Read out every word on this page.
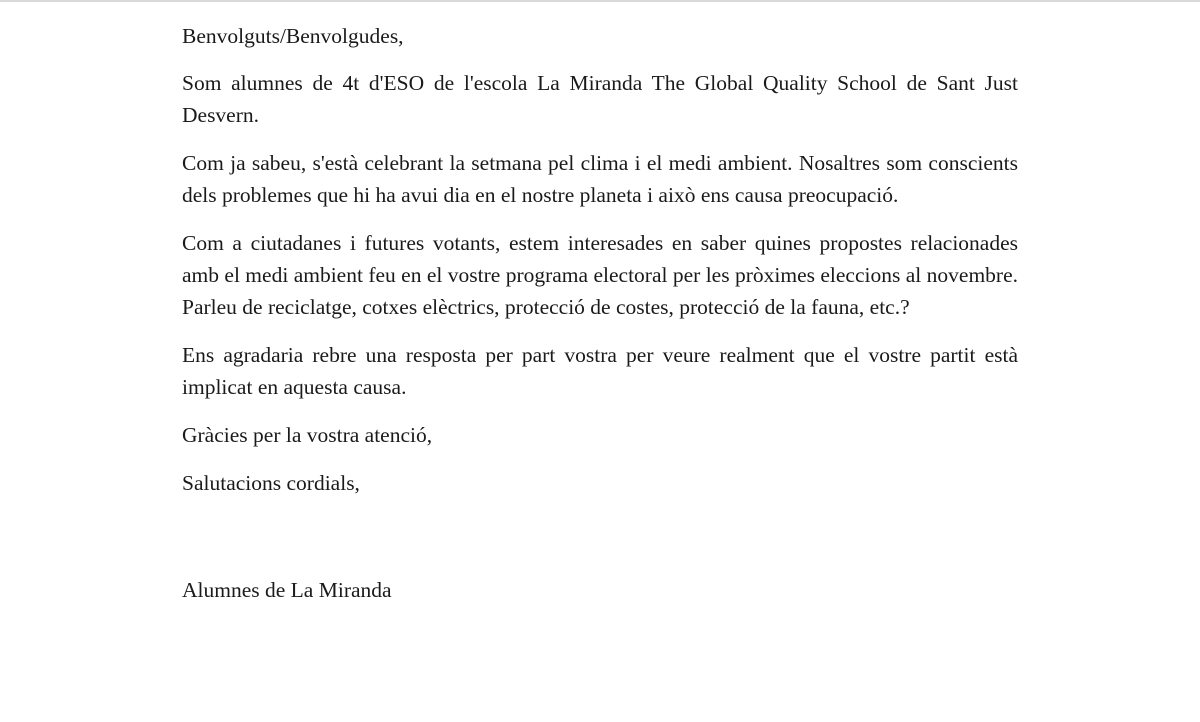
Benvolguts/Benvolgudes,

Som alumnes de 4t d'ESO de l'escola La Miranda The Global Quality School de Sant Just Desvern.

Com ja sabeu, s'està celebrant la setmana pel clima i el medi ambient. Nosaltres som conscients dels problemes que hi ha avui dia en el nostre planeta i això ens causa preocupació.

Com a ciutadanes i futures votants, estem interesades en saber quines propostes relacionades amb el medi ambient feu en el vostre programa electoral per les pròximes eleccions al novembre. Parleu de reciclatge, cotxes elèctrics, protecció de costes, protecció de la fauna, etc.?

Ens agradaria rebre una resposta per part vostra per veure realment que el vostre partit està implicat en aquesta causa.

Gràcies per la vostra atenció,

Salutacions cordials,

Alumnes de La Miranda
